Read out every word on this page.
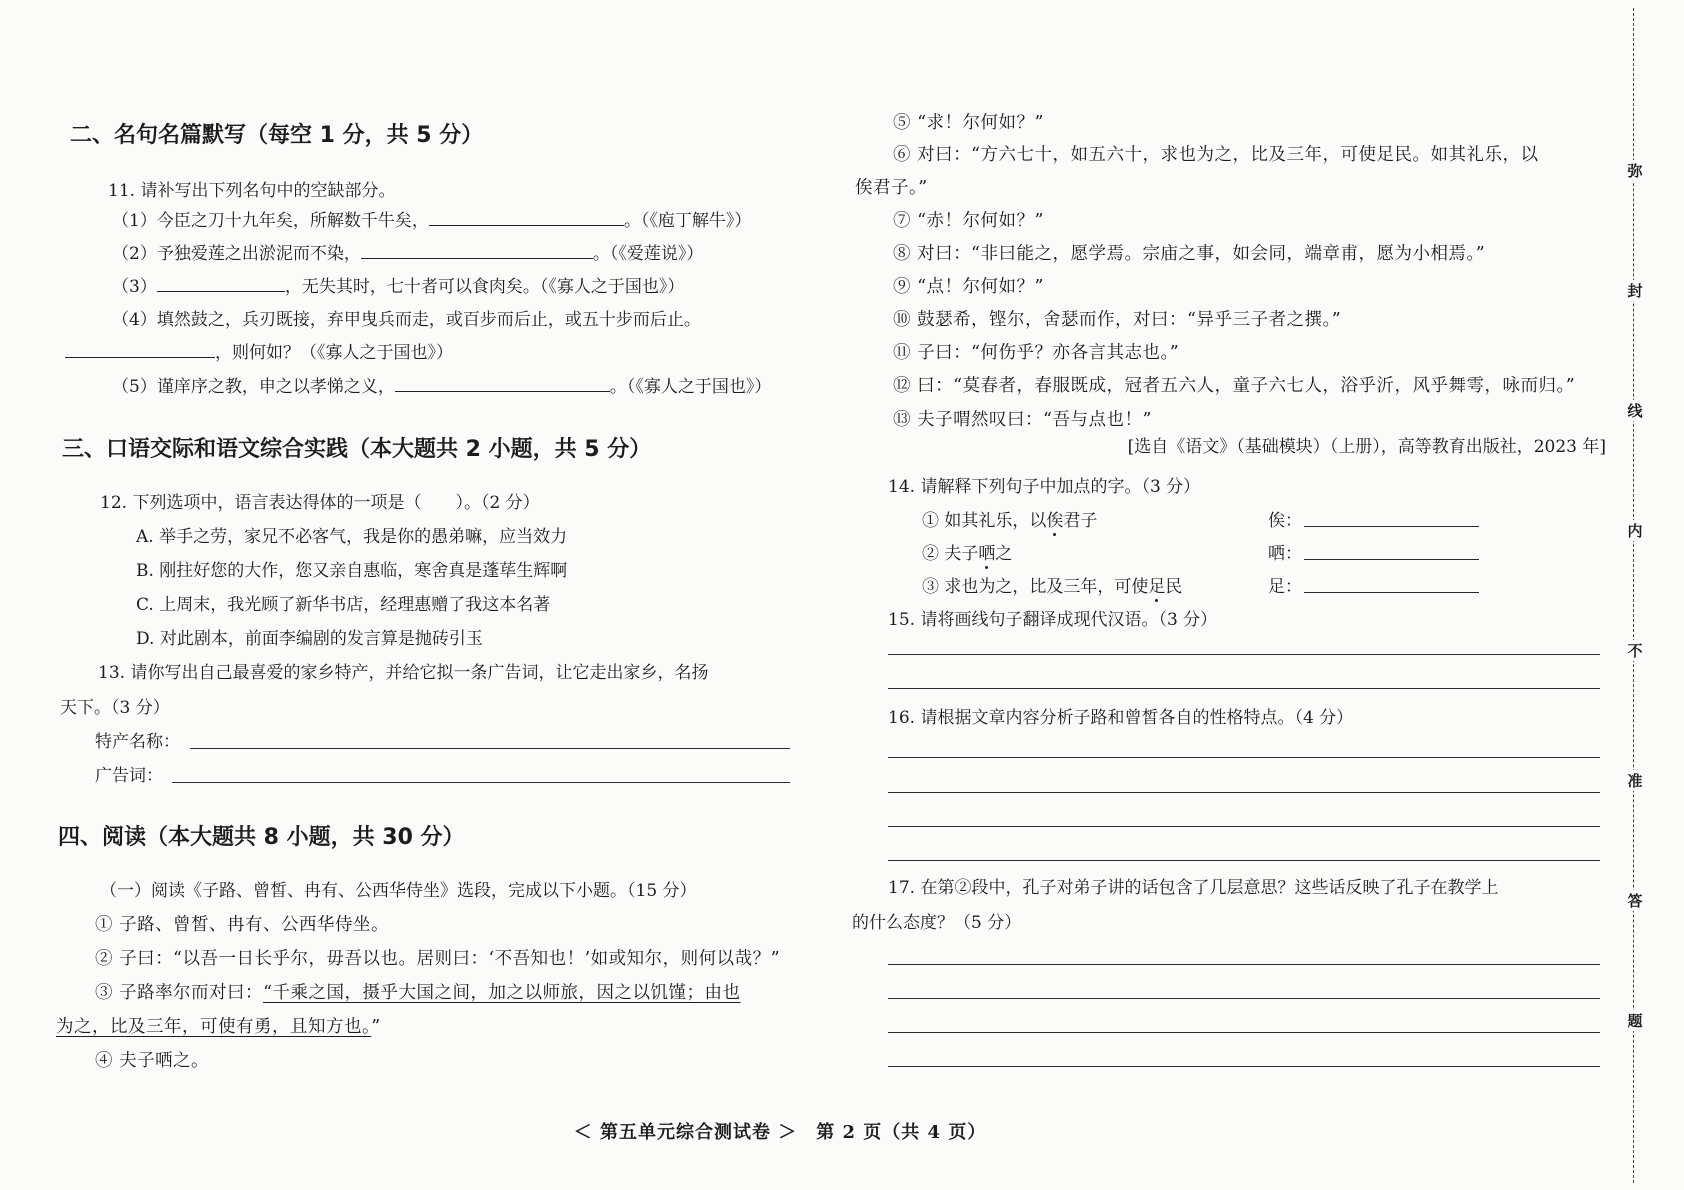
二、名句名篇默写（每空 1 分，共 5 分）
11. 请补写出下列名句中的空缺部分。
（1）今臣之刀十九年矣，所解数千牛矣，	。（《庖丁解牛》）
（2）予独爱莲之出淤泥而不染，	。（《爱莲说》）
（3）	，无失其时，七十者可以食肉矣。（《寡人之于国也》）
（4）填然鼓之，兵刃既接，弃甲曳兵而走，或百步而后止，或五十步而后止。
，则何如？（《寡人之于国也》）
（5）谨庠序之教，申之以孝悌之义，	。（《寡人之于国也》）
三、口语交际和语文综合实践（本大题共 2 小题，共 5 分）
12. 下列选项中，语言表达得体的一项是（　　）。（2 分）
A. 举手之劳，家兄不必客气，我是你的愚弟嘛，应当效力
B. 刚拄好您的大作，您又亲自惠临，寒舍真是蓬荜生辉啊
C. 上周末，我光顾了新华书店，经理惠赠了我这本名著
D. 对此剧本，前面李编剧的发言算是抛砖引玉
13. 请你写出自己最喜爱的家乡特产，并给它拟一条广告词，让它走出家乡，名扬
天下。（3 分）
特产名称：
广告词：
四、阅读（本大题共 8 小题，共 30 分）
（一）阅读《子路、曾皙、冉有、公西华侍坐》选段，完成以下小题。（15 分）
① 子路、曾皙、冉有、公西华侍坐。
② 子曰：“以吾一日长乎尔，毋吾以也。居则曰：‘不吾知也！’如或知尔，则何以哉？”
③ 子路率尔而对曰：“千乘之国，摄乎大国之间，加之以师旅，因之以饥馑；由也
为之，比及三年，可使有勇，且知方也。”
④ 夫子哂之。
⑤ “求！尔何如？”
⑥ 对曰：“方六七十，如五六十，求也为之，比及三年，可使足民。如其礼乐，以
俟君子。”
⑦ “赤！尔何如？”
⑧ 对曰：“非曰能之，愿学焉。宗庙之事，如会同，端章甫，愿为小相焉。”
⑨ “点！尔何如？”
⑩ 鼓瑟希，铿尔，舍瑟而作，对曰：“异乎三子者之撰。”
⑪ 子曰：“何伤乎？亦各言其志也。”
⑫ 曰：“莫春者，春服既成，冠者五六人，童子六七人，浴乎沂，风乎舞雩，咏而归。”
⑬ 夫子喟然叹曰：“吾与点也！”
[选自《语文》（基础模块）（上册），高等教育出版社，2023 年]
14. 请解释下列句子中加点的字。（3 分）
① 如其礼乐，以俟君子	俟：
② 夫子哂之	哂：
③ 求也为之，比及三年，可使足民	足：
15. 请将画线句子翻译成现代汉语。（3 分）
16. 请根据文章内容分析子路和曾皙各自的性格特点。（4 分）
17. 在第②段中，孔子对弟子讲的话包含了几层意思？这些话反映了孔子在教学上
的什么态度？（5 分）
弥
封
线
内
不
准
答
题
＜ 第五单元综合测试卷 ＞　第 2 页（共 4 页）
